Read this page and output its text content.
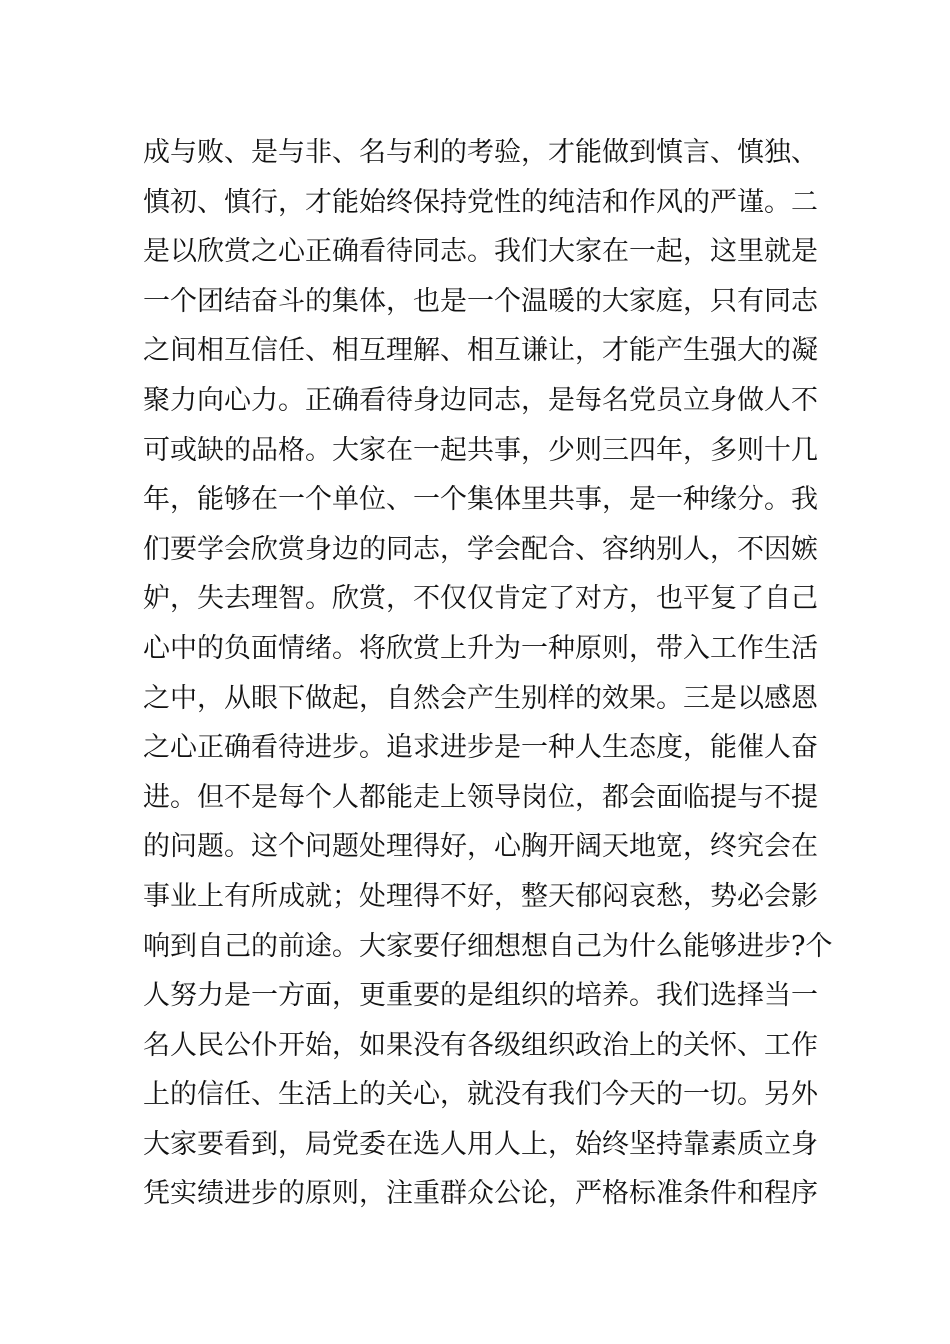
成与败、是与非、名与利的考验，才能做到慎言、慎独、
慎初、慎行，才能始终保持党性的纯洁和作风的严谨。二
是以欣赏之心正确看待同志。我们大家在一起，这里就是
一个团结奋斗的集体，也是一个温暖的大家庭，只有同志
之间相互信任、相互理解、相互谦让，才能产生强大的凝
聚力向心力。正确看待身边同志，是每名党员立身做人不
可或缺的品格。大家在一起共事，少则三四年，多则十几
年，能够在一个单位、一个集体里共事，是一种缘分。我
们要学会欣赏身边的同志，学会配合、容纳别人，不因嫉
妒，失去理智。欣赏，不仅仅肯定了对方，也平复了自己
心中的负面情绪。将欣赏上升为一种原则，带入工作生活
之中，从眼下做起，自然会产生别样的效果。三是以感恩
之心正确看待进步。追求进步是一种人生态度，能催人奋
进。但不是每个人都能走上领导岗位，都会面临提与不提
的问题。这个问题处理得好，心胸开阔天地宽，终究会在
事业上有所成就；处理得不好，整天郁闷哀愁，势必会影
响到自己的前途。大家要仔细想想自己为什么能够进步?个
人努力是一方面，更重要的是组织的培养。我们选择当一
名人民公仆开始，如果没有各级组织政治上的关怀、工作
上的信任、生活上的关心，就没有我们今天的一切。另外
大家要看到，局党委在选人用人上，始终坚持靠素质立身
凭实绩进步的原则，注重群众公论，严格标准条件和程序
